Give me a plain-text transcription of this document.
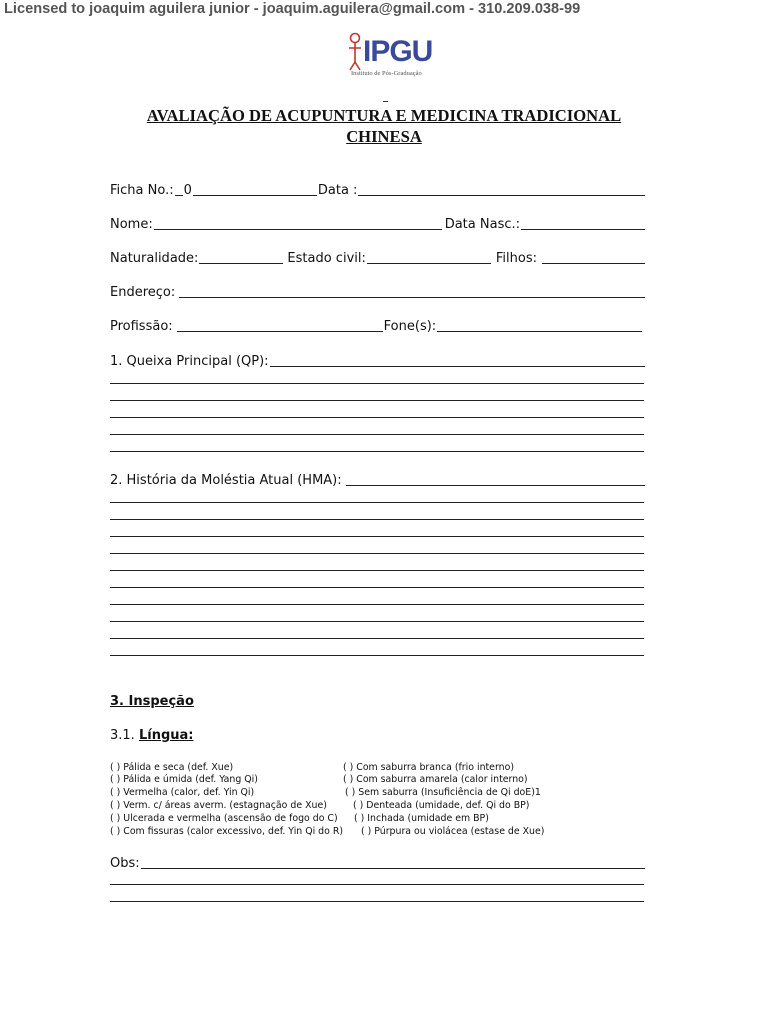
Licensed to joaquim aguilera junior - joaquim.aguilera@gmail.com - 310.209.038-99
IPGU
Instituto de Pós-Graduação
AVALIAÇÃO DE ACUPUNTURA E MEDICINA TRADICIONAL
CHINESA
Ficha No.: 0	Data :
Nome:	Data Nasc.:
Naturalidade:	Estado civil:	Filhos:
Endereço:
Profissão:	Fone(s):
1. Queixa Principal (QP):
2. História da Moléstia Atual (HMA):
3. Inspeção
3.1. Língua:
( ) Pálida e seca (def. Xue)
( ) Pálida e úmida (def. Yang Qi)
( ) Vermelha (calor, def. Yin Qi)
( ) Verm. c/ áreas averm. (estagnação de Xue)
( ) Ulcerada e vermelha (ascensão de fogo do C)
( ) Com fissuras (calor excessivo, def. Yin Qi do R)
( ) Com saburra branca (frio interno)
( ) Com saburra amarela (calor interno)
( ) Sem saburra (Insuficiência de Qi doE)1
( ) Denteada (umidade, def. Qi do BP)
( ) Inchada (umidade em BP)
( ) Púrpura ou violácea (estase de Xue)
Obs:
